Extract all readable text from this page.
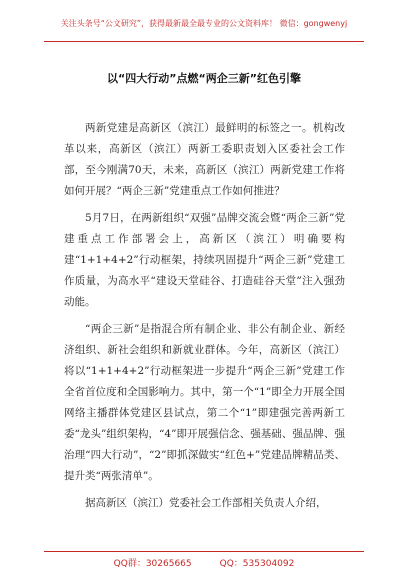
关注头条号“公文研究”，获得最新最全最专业的公文资料库！ 微信：gongwenyj
以“四大行动”点燃“两企三新”红色引擎

两新党建是高新区（滨江）最鲜明的标签之一。机构改革以来，高新区（滨江）两新工委职责划入区委社会工作部，至今刚满70天，未来，高新区（滨江）两新党建工作将如何开展？“两企三新”党建重点工作如何推进？

5月7日，在两新组织“双强”品牌交流会暨“两企三新”党建重点工作部署会上，高新区（滨江）明确要构建“1+1+4+2”行动框架，持续巩固提升“两企三新”党建工作质量，为高水平“建设天堂硅谷、打造硅谷天堂”注入强劲动能。

“两企三新”是指混合所有制企业、非公有制企业、新经济组织、新社会组织和新就业群体。今年，高新区（滨江）将以“1+1+4+2”行动框架进一步提升“两企三新”党建工作全省首位度和全国影响力。其中，第一个“1”即全力开展全国网络主播群体党建区县试点，第二个“1”即建强完善两新工委“龙头”组织架构，“4”即开展强信念、强基础、强品牌、强治理“四大行动”，“2”即抓深做实“红色+”党建品牌精品类、提升类“两张清单”。

据高新区（滨江）党委社会工作部相关负责人介绍，

QQ群：30265665	QQ：535304092
